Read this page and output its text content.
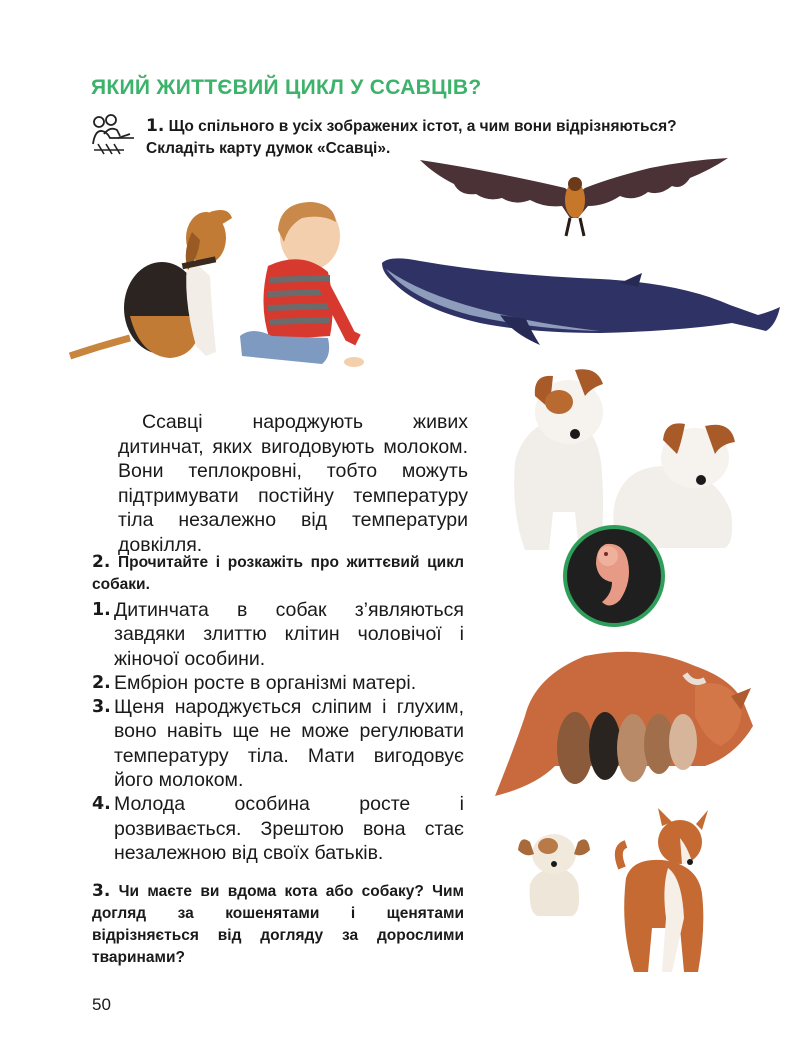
ЯКИЙ ЖИТТЄВИЙ ЦИКЛ У ССАВЦІВ?
1. Що спільного в усіх зображених істот, а чим вони відрізняються? Складіть карту думок «Ссавці».
Ссавці народжують живих дитинчат, яких вигодовують молоком. Вони теплокровні, тобто можуть підтримувати постійну температуру тіла незалежно від температури довкілля.
2. Прочитайте і розкажіть про життєвий цикл собаки.
1. Дитинчата в собак з’являються завдяки злиттю клітин чоловічої і жіночої особини.
2. Ембріон росте в організмі матері.
3. Щеня народжується сліпим і глухим, воно навіть ще не може регулювати температуру тіла. Мати вигодовує його молоком.
4. Молода особина росте і розвивається. Зрештою вона стає незалежною від своїх батьків.
3. Чи маєте ви вдома кота або собаку? Чим догляд за кошенятами і щенятами відрізняється від догляду за дорослими тваринами?
50
